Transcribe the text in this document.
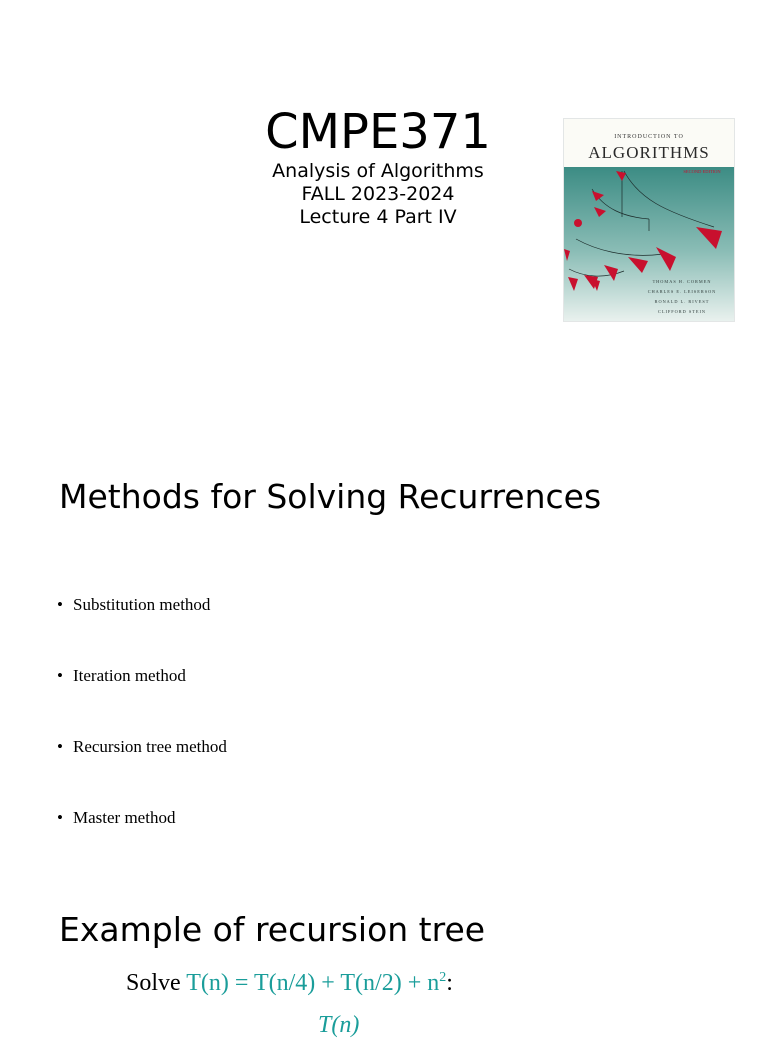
CMPE371
Analysis of Algorithms
FALL 2023-2024
Lecture 4 Part IV
INTRODUCTION TO
ALGORITHMS
SECOND EDITION
THOMAS H. CORMEN
CHARLES E. LEISERSON
RONALD L. RIVEST
CLIFFORD STEIN
Methods for Solving Recurrences
• Substitution method
• Iteration method
• Recursion tree method
• Master method
Example of recursion tree
Solve $T(n) = T(n/4) + T(n/2) + n^2$:
T(n)
